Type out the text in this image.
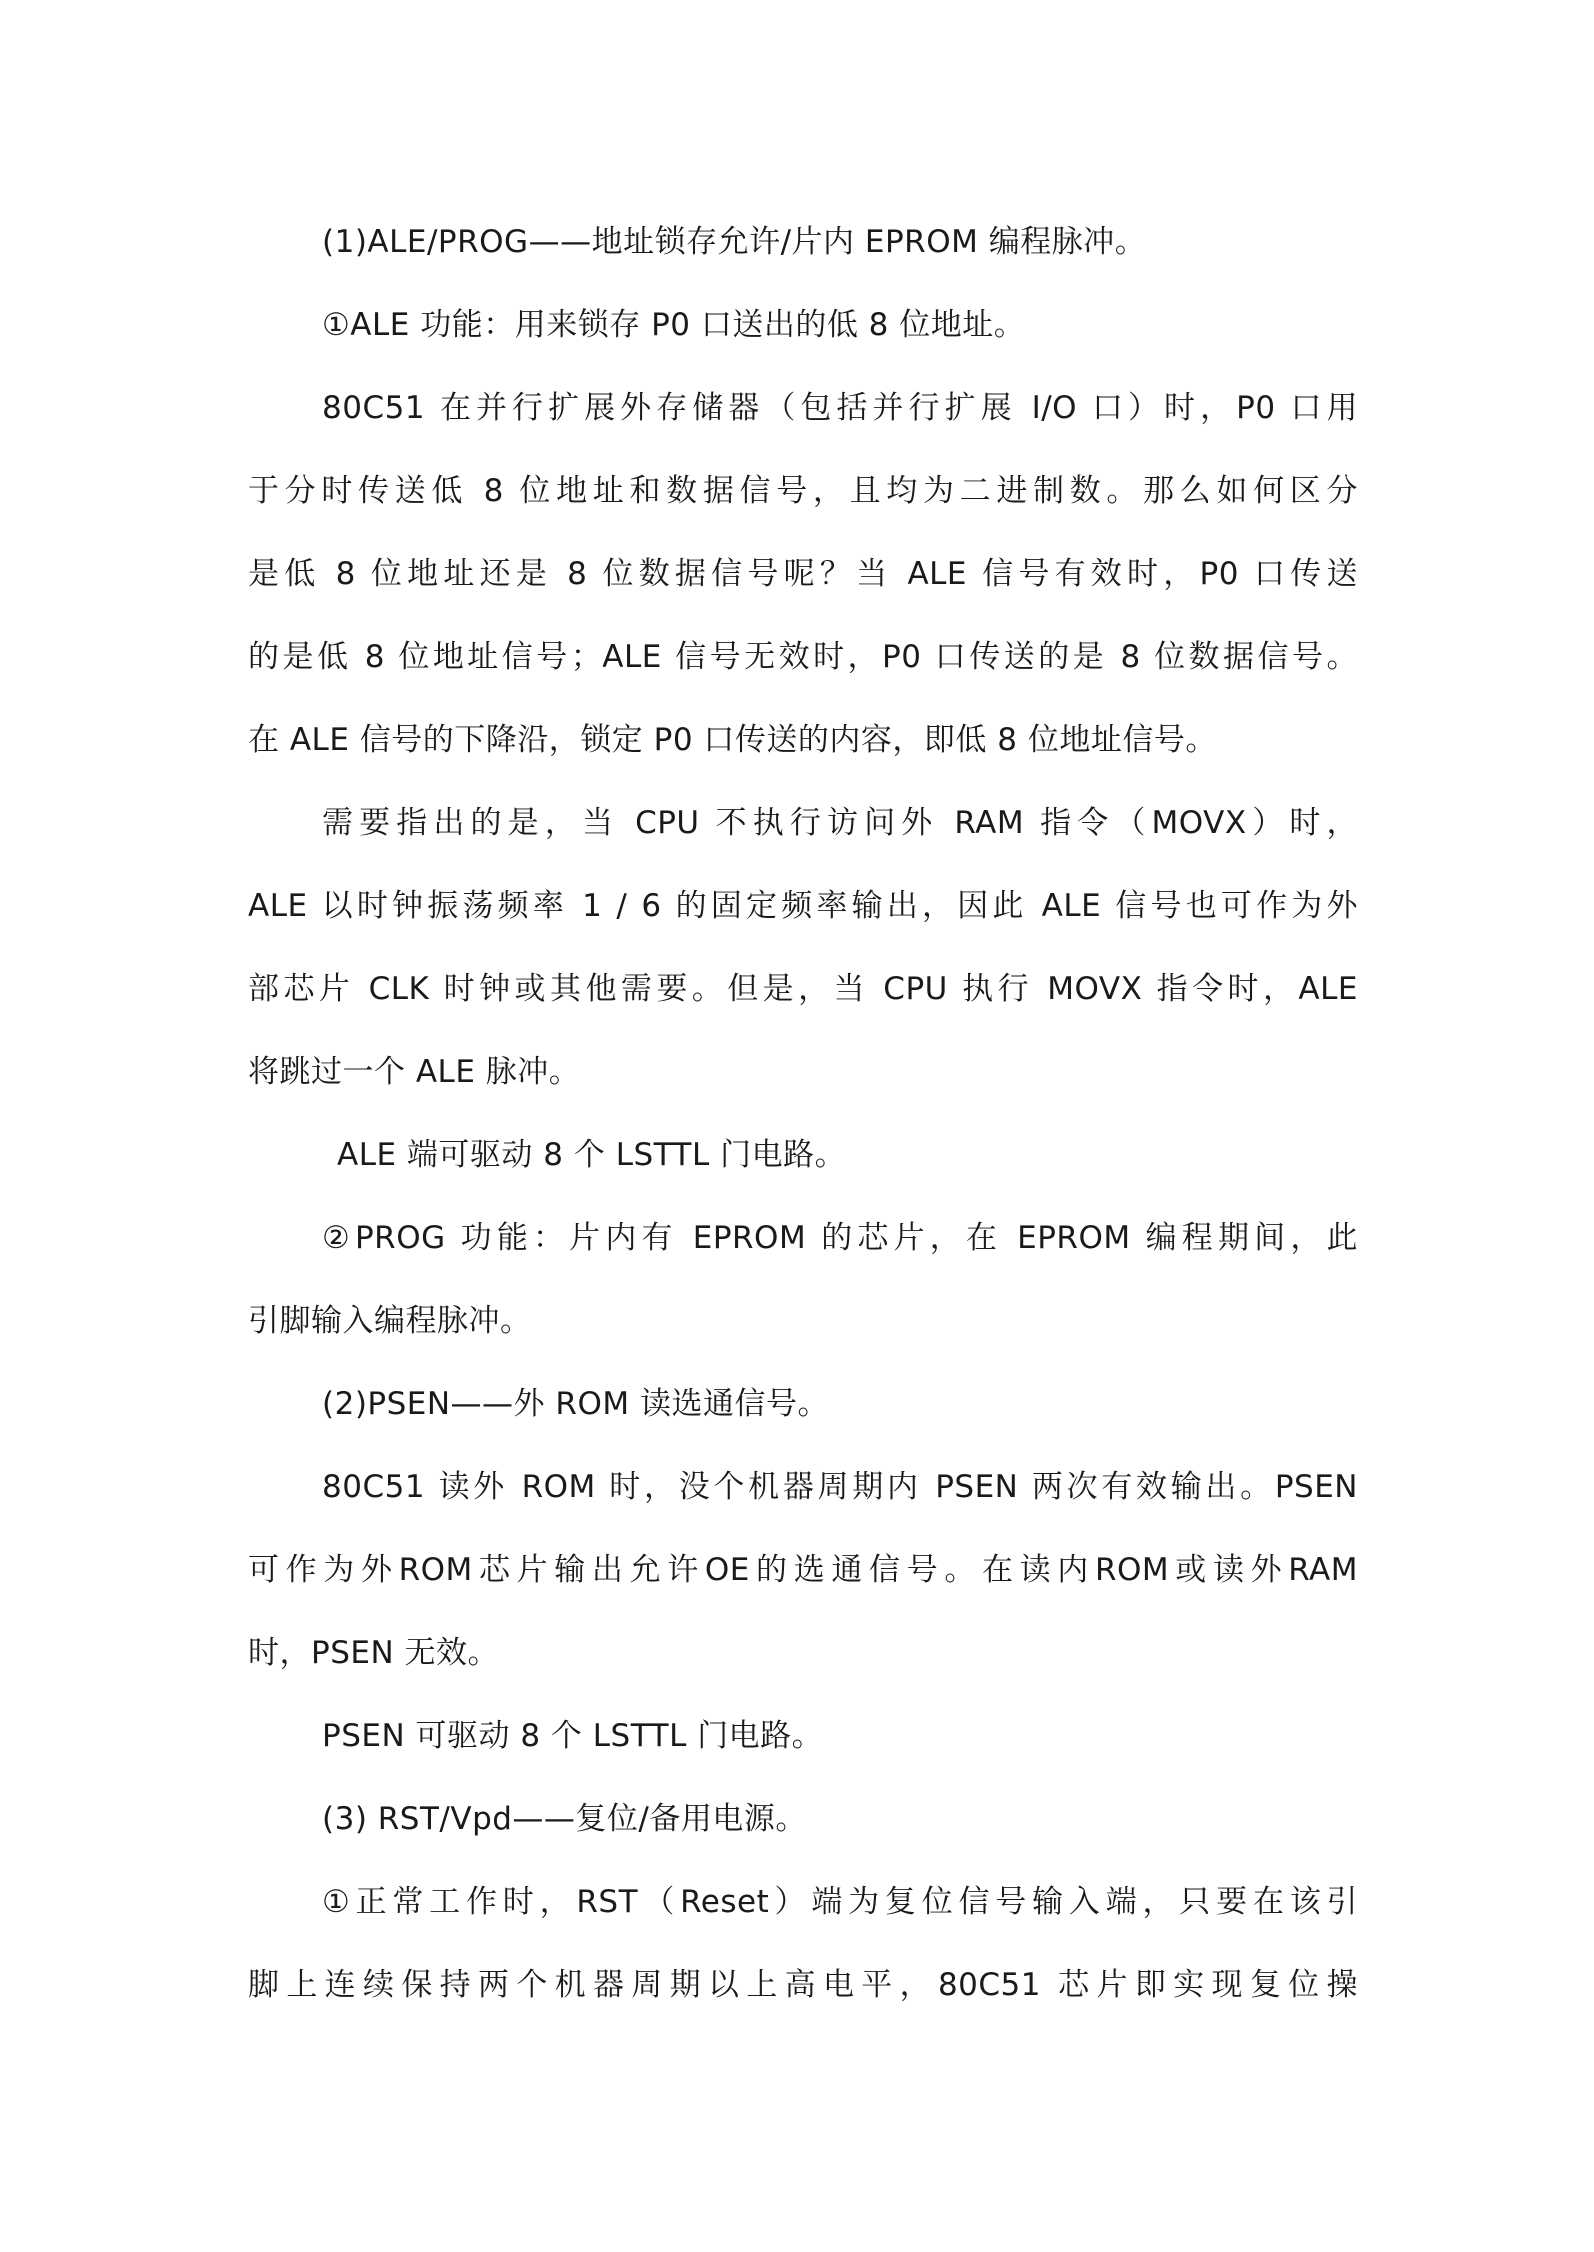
(1)ALE/PROG——地址锁存允许/片内 EPROM 编程脉冲。
①ALE 功能：用来锁存 P0 口送出的低 8 位地址。
80C51 在并行扩展外存储器（包括并行扩展 I/O 口）时，P0 口用
于分时传送低 8 位地址和数据信号，且均为二进制数。那么如何区分
是低 8 位地址还是 8 位数据信号呢？当 ALE 信号有效时，P0 口传送
的是低 8 位地址信号；ALE 信号无效时，P0 口传送的是 8 位数据信号。
在 ALE 信号的下降沿，锁定 P0 口传送的内容，即低 8 位地址信号。
需要指出的是，当 CPU 不执行访问外 RAM 指令（MOVX）时，
ALE 以时钟振荡频率 1 / 6 的固定频率输出，因此 ALE 信号也可作为外
部芯片 CLK 时钟或其他需要。但是，当 CPU 执行 MOVX 指令时，ALE
将跳过一个 ALE 脉冲。
ALE 端可驱动 8 个 LSTTL 门电路。
②PROG 功能：片内有 EPROM 的芯片，在 EPROM 编程期间，此
引脚输入编程脉冲。
(2)PSEN——外 ROM 读选通信号。
80C51 读外 ROM 时，没个机器周期内 PSEN 两次有效输出。PSEN
可作为外ROM芯片输出允许OE的选通信号。在读内ROM或读外RAM
时，PSEN 无效。
PSEN 可驱动 8 个 LSTTL 门电路。
(3) RST/Vpd——复位/备用电源。
①正常工作时，RST（Reset）端为复位信号输入端，只要在该引
脚上连续保持两个机器周期以上高电平，80C51 芯片即实现复位操
